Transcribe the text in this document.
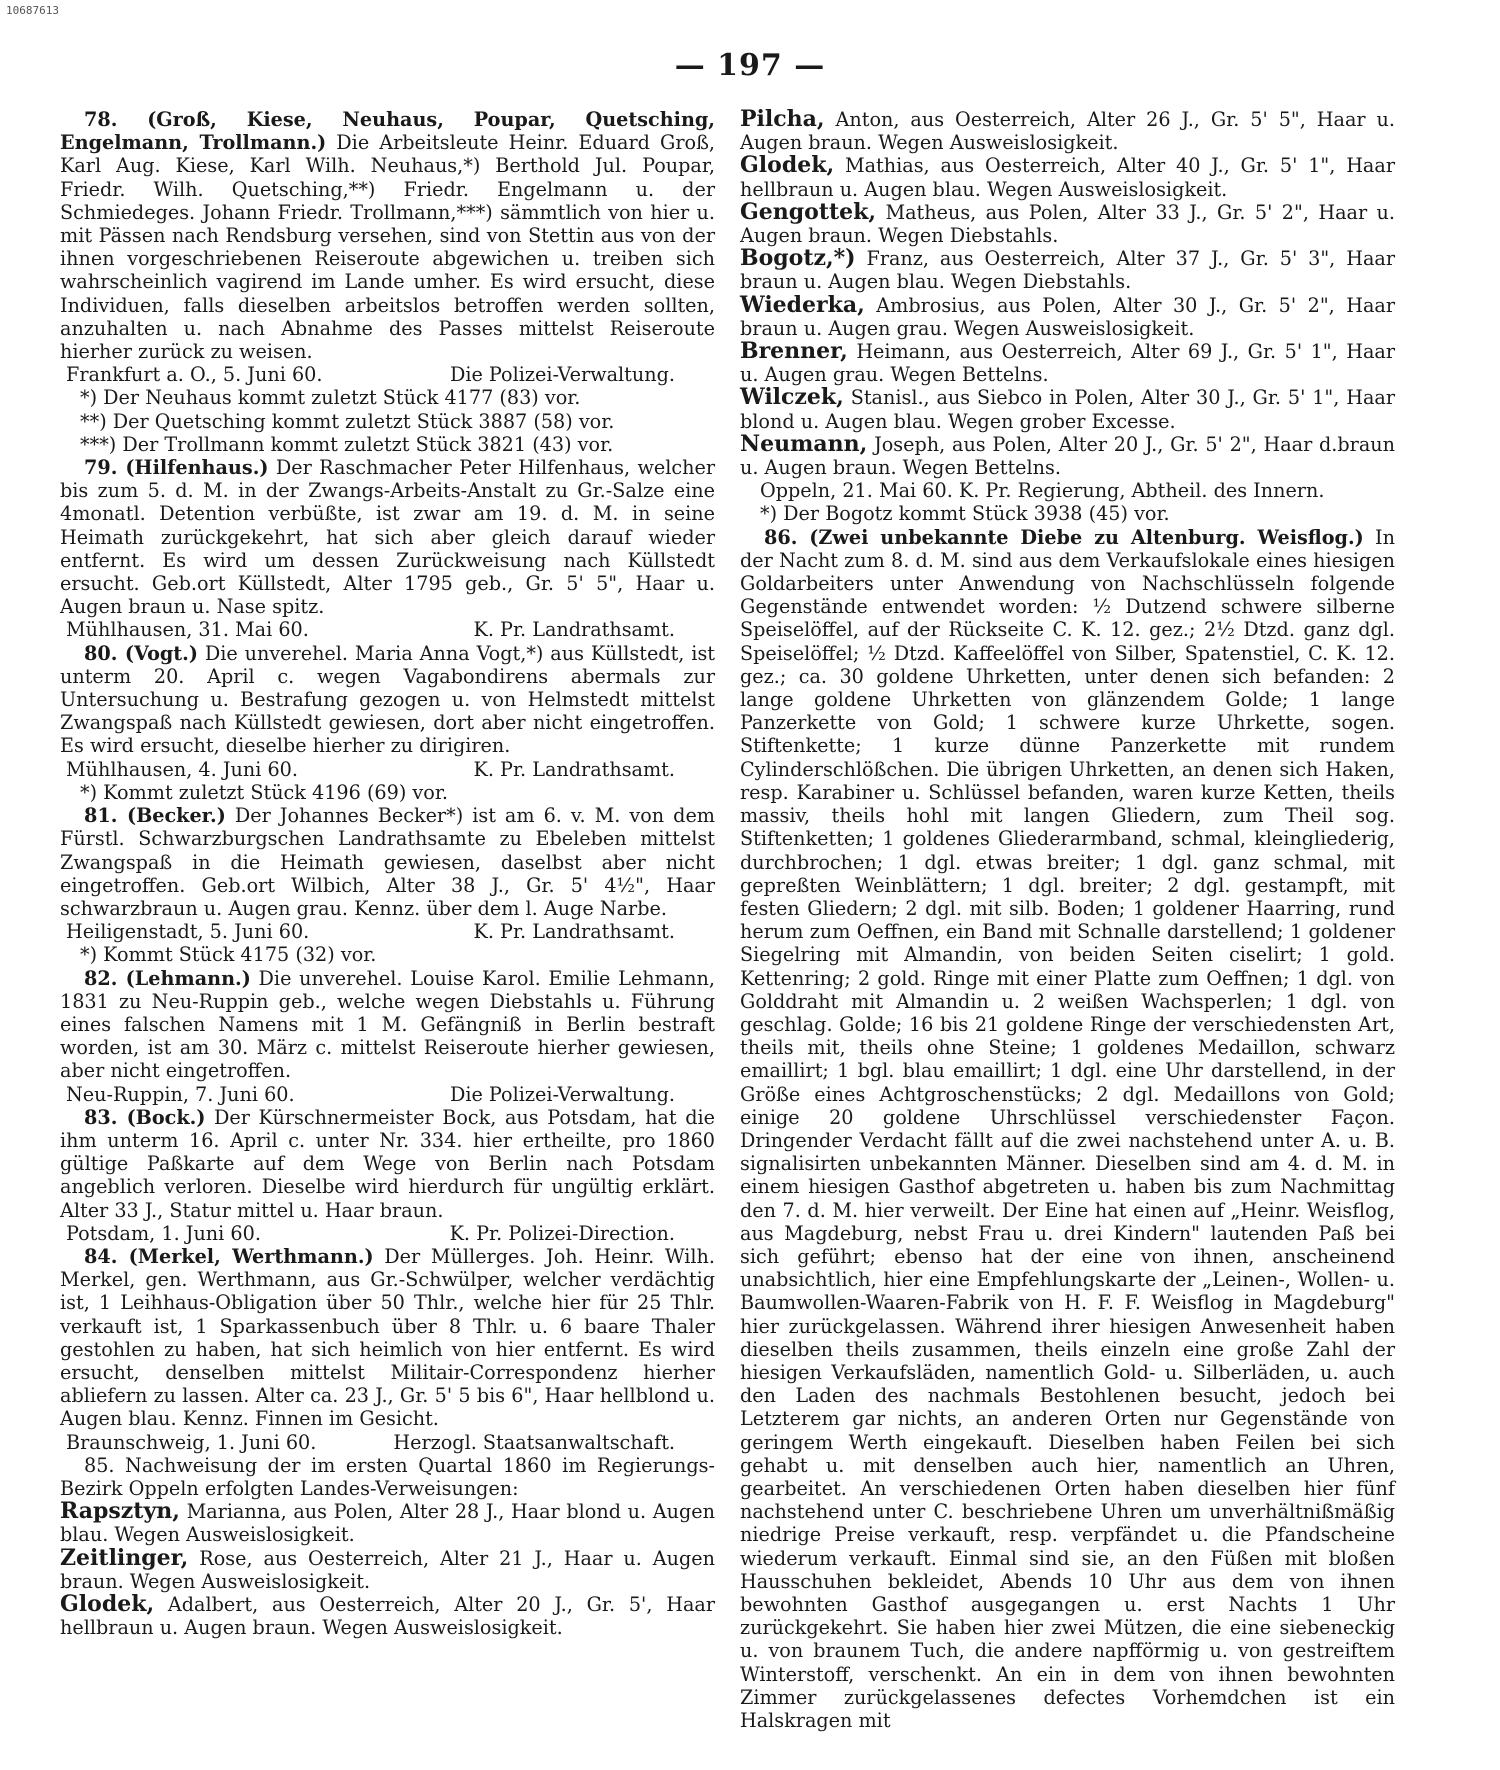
10687613
— 197 —

78. (Groß, Kiese, Neuhaus, Poupar, Quetsching, Engelmann, Trollmann.) Die Arbeitsleute Heinr. Eduard Groß, Karl Aug. Kiese, Karl Wilh. Neuhaus,*) Berthold Jul. Poupar, Friedr. Wilh. Quetsching,**) Friedr. Engelmann u. der Schmiedeges. Johann Friedr. Trollmann,***) sämmtlich von hier u. mit Pässen nach Rendsburg versehen, sind von Stettin aus von der ihnen vorgeschriebenen Reiseroute abgewichen u. treiben sich wahrscheinlich vagirend im Lande umher. Es wird ersucht, diese Individuen, falls dieselben arbeitslos betroffen werden sollten, anzuhalten u. nach Abnahme des Passes mittelst Reiseroute hierher zurück zu weisen.

Frankfurt a. O., 5. Juni 60.	Die Polizei-Verwaltung.
*) Der Neuhaus kommt zuletzt Stück 4177 (83) vor.
**) Der Quetsching kommt zuletzt Stück 3887 (58) vor.
***) Der Trollmann kommt zuletzt Stück 3821 (43) vor.

79. (Hilfenhaus.) Der Raschmacher Peter Hilfenhaus, welcher bis zum 5. d. M. in der Zwangs-Arbeits-Anstalt zu Gr.-Salze eine 4monatl. Detention verbüßte, ist zwar am 19. d. M. in seine Heimath zurückgekehrt, hat sich aber gleich darauf wieder entfernt. Es wird um dessen Zurückweisung nach Küllstedt ersucht. Geb.ort Küllstedt, Alter 1795 geb., Gr. 5' 5", Haar u. Augen braun u. Nase spitz.

Mühlhausen, 31. Mai 60.	K. Pr. Landrathsamt.

80. (Vogt.) Die unverehel. Maria Anna Vogt,*) aus Küllstedt, ist unterm 20. April c. wegen Vagabondirens abermals zur Untersuchung u. Bestrafung gezogen u. von Helmstedt mittelst Zwangspaß nach Küllstedt gewiesen, dort aber nicht eingetroffen. Es wird ersucht, dieselbe hierher zu dirigiren.

Mühlhausen, 4. Juni 60.	K. Pr. Landrathsamt.
*) Kommt zuletzt Stück 4196 (69) vor.

81. (Becker.) Der Johannes Becker*) ist am 6. v. M. von dem Fürstl. Schwarzburgschen Landrathsamte zu Ebeleben mittelst Zwangspaß in die Heimath gewiesen, daselbst aber nicht eingetroffen. Geb.ort Wilbich, Alter 38 J., Gr. 5' 4½", Haar schwarzbraun u. Augen grau. Kennz. über dem l. Auge Narbe.

Heiligenstadt, 5. Juni 60.	K. Pr. Landrathsamt.
*) Kommt Stück 4175 (32) vor.

82. (Lehmann.) Die unverehel. Louise Karol. Emilie Lehmann, 1831 zu Neu-Ruppin geb., welche wegen Diebstahls u. Führung eines falschen Namens mit 1 M. Gefängniß in Berlin bestraft worden, ist am 30. März c. mittelst Reiseroute hierher gewiesen, aber nicht eingetroffen.

Neu-Ruppin, 7. Juni 60.	Die Polizei-Verwaltung.

83. (Bock.) Der Kürschnermeister Bock, aus Potsdam, hat die ihm unterm 16. April c. unter Nr. 334. hier ertheilte, pro 1860 gültige Paßkarte auf dem Wege von Berlin nach Potsdam angeblich verloren. Dieselbe wird hierdurch für ungültig erklärt. Alter 33 J., Statur mittel u. Haar braun.

Potsdam, 1. Juni 60.	K. Pr. Polizei-Direction.

84. (Merkel, Werthmann.) Der Müllerges. Joh. Heinr. Wilh. Merkel, gen. Werthmann, aus Gr.-Schwülper, welcher verdächtig ist, 1 Leihhaus-Obligation über 50 Thlr., welche hier für 25 Thlr. verkauft ist, 1 Sparkassenbuch über 8 Thlr. u. 6 baare Thaler gestohlen zu haben, hat sich heimlich von hier entfernt. Es wird ersucht, denselben mittelst Militair-Correspondenz hierher abliefern zu lassen. Alter ca. 23 J., Gr. 5' 5 bis 6", Haar hellblond u. Augen blau. Kennz. Finnen im Gesicht.

Braunschweig, 1. Juni 60.	Herzogl. Staatsanwaltschaft.

85. Nachweisung der im ersten Quartal 1860 im Regierungs-Bezirk Oppeln erfolgten Landes-Verweisungen:

Rapsztyn, Marianna, aus Polen, Alter 28 J., Haar blond u. Augen blau. Wegen Ausweislosigkeit.

Zeitlinger, Rose, aus Oesterreich, Alter 21 J., Haar u. Augen braun. Wegen Ausweislosigkeit.

Glodek, Adalbert, aus Oesterreich, Alter 20 J., Gr. 5', Haar hellbraun u. Augen braun. Wegen Ausweislosigkeit.

Pilcha, Anton, aus Oesterreich, Alter 26 J., Gr. 5' 5", Haar u. Augen braun. Wegen Ausweislosigkeit.

Glodek, Mathias, aus Oesterreich, Alter 40 J., Gr. 5' 1", Haar hellbraun u. Augen blau. Wegen Ausweislosigkeit.

Gengottek, Matheus, aus Polen, Alter 33 J., Gr. 5' 2", Haar u. Augen braun. Wegen Diebstahls.

Bogotz,*) Franz, aus Oesterreich, Alter 37 J., Gr. 5' 3", Haar braun u. Augen blau. Wegen Diebstahls.

Wiederka, Ambrosius, aus Polen, Alter 30 J., Gr. 5' 2", Haar braun u. Augen grau. Wegen Ausweislosigkeit.

Brenner, Heimann, aus Oesterreich, Alter 69 J., Gr. 5' 1", Haar u. Augen grau. Wegen Bettelns.

Wilczek, Stanisl., aus Siebco in Polen, Alter 30 J., Gr. 5' 1", Haar blond u. Augen blau. Wegen grober Excesse.

Neumann, Joseph, aus Polen, Alter 20 J., Gr. 5' 2", Haar d.braun u. Augen braun. Wegen Bettelns.

Oppeln, 21. Mai 60. K. Pr. Regierung, Abtheil. des Innern.
*) Der Bogotz kommt Stück 3938 (45) vor.

86. (Zwei unbekannte Diebe zu Altenburg. Weisflog.) In der Nacht zum 8. d. M. sind aus dem Verkaufslokale eines hiesigen Goldarbeiters unter Anwendung von Nachschlüsseln folgende Gegenstände entwendet worden: ½ Dutzend schwere silberne Speiselöffel, auf der Rückseite C. K. 12. gez.; 2½ Dtzd. ganz dgl. Speiselöffel; ½ Dtzd. Kaffeelöffel von Silber, Spatenstiel, C. K. 12. gez.; ca. 30 goldene Uhrketten, unter denen sich befanden: 2 lange goldene Uhrketten von glänzendem Golde; 1 lange Panzerkette von Gold; 1 schwere kurze Uhrkette, sogen. Stiftenkette; 1 kurze dünne Panzerkette mit rundem Cylinderschlößchen. Die übrigen Uhrketten, an denen sich Haken, resp. Karabiner u. Schlüssel befanden, waren kurze Ketten, theils massiv, theils hohl mit langen Gliedern, zum Theil sog. Stiftenketten; 1 goldenes Gliederarmband, schmal, kleingliederig, durchbrochen; 1 dgl. etwas breiter; 1 dgl. ganz schmal, mit gepreßten Weinblättern; 1 dgl. breiter; 2 dgl. gestampft, mit festen Gliedern; 2 dgl. mit silb. Boden; 1 goldener Haarring, rund herum zum Oeffnen, ein Band mit Schnalle darstellend; 1 goldener Siegelring mit Almandin, von beiden Seiten ciselirt; 1 gold. Kettenring; 2 gold. Ringe mit einer Platte zum Oeffnen; 1 dgl. von Golddraht mit Almandin u. 2 weißen Wachsperlen; 1 dgl. von geschlag. Golde; 16 bis 21 goldene Ringe der verschiedensten Art, theils mit, theils ohne Steine; 1 goldenes Medaillon, schwarz emaillirt; 1 bgl. blau emaillirt; 1 dgl. eine Uhr darstellend, in der Größe eines Achtgroschenstücks; 2 dgl. Medaillons von Gold; einige 20 goldene Uhrschlüssel verschiedenster Façon. Dringender Verdacht fällt auf die zwei nachstehend unter A. u. B. signalisirten unbekannten Männer. Dieselben sind am 4. d. M. in einem hiesigen Gasthof abgetreten u. haben bis zum Nachmittag den 7. d. M. hier verweilt. Der Eine hat einen auf „Heinr. Weisflog, aus Magdeburg, nebst Frau u. drei Kindern" lautenden Paß bei sich geführt; ebenso hat der eine von ihnen, anscheinend unabsichtlich, hier eine Empfehlungskarte der „Leinen-, Wollen- u. Baumwollen-Waaren-Fabrik von H. F. F. Weisflog in Magdeburg" hier zurückgelassen. Während ihrer hiesigen Anwesenheit haben dieselben theils zusammen, theils einzeln eine große Zahl der hiesigen Verkaufsläden, namentlich Gold- u. Silberläden, u. auch den Laden des nachmals Bestohlenen besucht, jedoch bei Letzterem gar nichts, an anderen Orten nur Gegenstände von geringem Werth eingekauft. Dieselben haben Feilen bei sich gehabt u. mit denselben auch hier, namentlich an Uhren, gearbeitet. An verschiedenen Orten haben dieselben hier fünf nachstehend unter C. beschriebene Uhren um unverhältnißmäßig niedrige Preise verkauft, resp. verpfändet u. die Pfandscheine wiederum verkauft. Einmal sind sie, an den Füßen mit bloßen Hausschuhen bekleidet, Abends 10 Uhr aus dem von ihnen bewohnten Gasthof ausgegangen u. erst Nachts 1 Uhr zurückgekehrt. Sie haben hier zwei Mützen, die eine siebeneckig u. von braunem Tuch, die andere napfförmig u. von gestreiftem Winterstoff, verschenkt. An ein in dem von ihnen bewohnten Zimmer zurückgelassenes defectes Vorhemdchen ist ein Halskragen mit
